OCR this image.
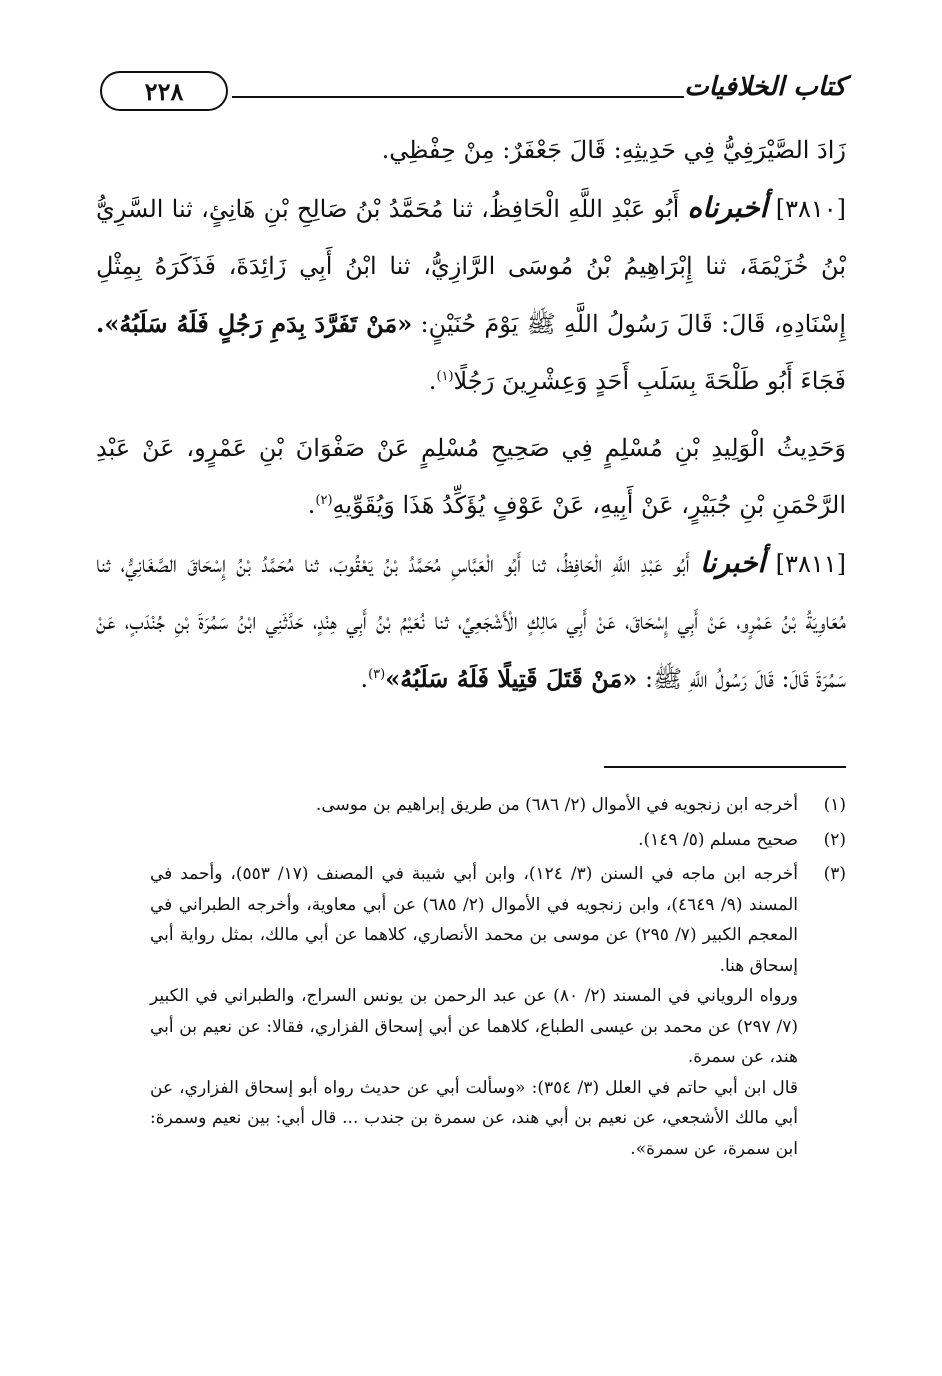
كتاب الخلافيات
٢٢٨

زَادَ الصَّيْرَفِيُّ فِي حَدِيثِهِ: قَالَ جَعْفَرٌ: مِنْ حِفْظِي.

[٣٨١٠] أخبرناه أَبُو عَبْدِ اللَّهِ الْحَافِظُ، ثنا مُحَمَّدُ بْنُ صَالِحِ بْنِ هَانِئٍ، ثنا السَّرِيُّ بْنُ خُزَيْمَةَ، ثنا إِبْرَاهِيمُ بْنُ مُوسَى الرَّازِيُّ، ثنا ابْنُ أَبِي زَائِدَةَ، فَذَكَرَهُ بِمِثْلِ إِسْنَادِهِ، قَالَ: قَالَ رَسُولُ اللَّهِ ﷺ يَوْمَ حُنَيْنٍ: «مَنْ تَفَرَّدَ بِدَمِ رَجُلٍ فَلَهُ سَلَبُهُ». فَجَاءَ أَبُو طَلْحَةَ بِسَلَبِ أَحَدٍ وَعِشْرِينَ رَجُلًا$^{(١)}$.

وَحَدِيثُ الْوَلِيدِ بْنِ مُسْلِمٍ فِي صَحِيحِ مُسْلِمٍ عَنْ صَفْوَانَ بْنِ عَمْرٍو، عَنْ عَبْدِ الرَّحْمَنِ بْنِ جُبَيْرٍ، عَنْ أَبِيهِ، عَنْ عَوْفٍ يُؤَكِّدُ هَذَا وَيُقَوِّيهِ$^{(٢)}$.

[٣٨١١] أخبرنا أَبُو عَبْدِ اللَّهِ الْحَافِظُ، ثنا أَبُو الْعَبَّاسِ مُحَمَّدُ بْنُ يَعْقُوبَ، ثنا مُحَمَّدُ بْنُ إِسْحَاقَ الصَّغَانِيُّ، ثنا مُعَاوِيَةُ بْنُ عَمْرٍو، عَنْ أَبِي إِسْحَاقَ، عَنْ أَبِي مَالِكٍ الْأَشْجَعِيِّ، ثنا نُعَيْمُ بْنُ أَبِي هِنْدٍ، حَدَّثَنِي ابْنُ سَمُرَةَ بْنِ جُنْدَبٍ، عَنْ سَمُرَةَ قَالَ: قَالَ رَسُولُ اللَّهِ ﷺ: «مَنْ قَتَلَ قَتِيلًا فَلَهُ سَلَبُهُ»$^{(٣)}$.

(١)

أخرجه ابن زنجويه في الأموال (٢/ ٦٨٦) من طريق إبراهيم بن موسى.

(٢)

صحيح مسلم (٥/ ١٤٩).

(٣)

أخرجه ابن ماجه في السنن (٣/ ١٢٤)، وابن أبي شيبة في المصنف (١٧/ ٥٥٣)، وأحمد في المسند (٩/ ٤٦٤٩)، وابن زنجويه في الأموال (٢/ ٦٨٥) عن أبي معاوية، وأخرجه الطبراني في المعجم الكبير (٧/ ٢٩٥) عن موسى بن محمد الأنصاري، كلاهما عن أبي مالك، بمثل رواية أبي إسحاق هنا.

ورواه الروياني في المسند (٢/ ٨٠) عن عبد الرحمن بن يونس السراج، والطبراني في الكبير (٧/ ٢٩٧) عن محمد بن عيسى الطباع، كلاهما عن أبي إسحاق الفزاري، فقالا: عن نعيم بن أبي هند، عن سمرة.

قال ابن أبي حاتم في العلل (٣/ ٣٥٤): «وسألت أبي عن حديث رواه أبو إسحاق الفزاري، عن أبي مالك الأشجعي، عن نعيم بن أبي هند، عن سمرة بن جندب ... قال أبي: بين نعيم وسمرة: ابن سمرة، عن سمرة».
